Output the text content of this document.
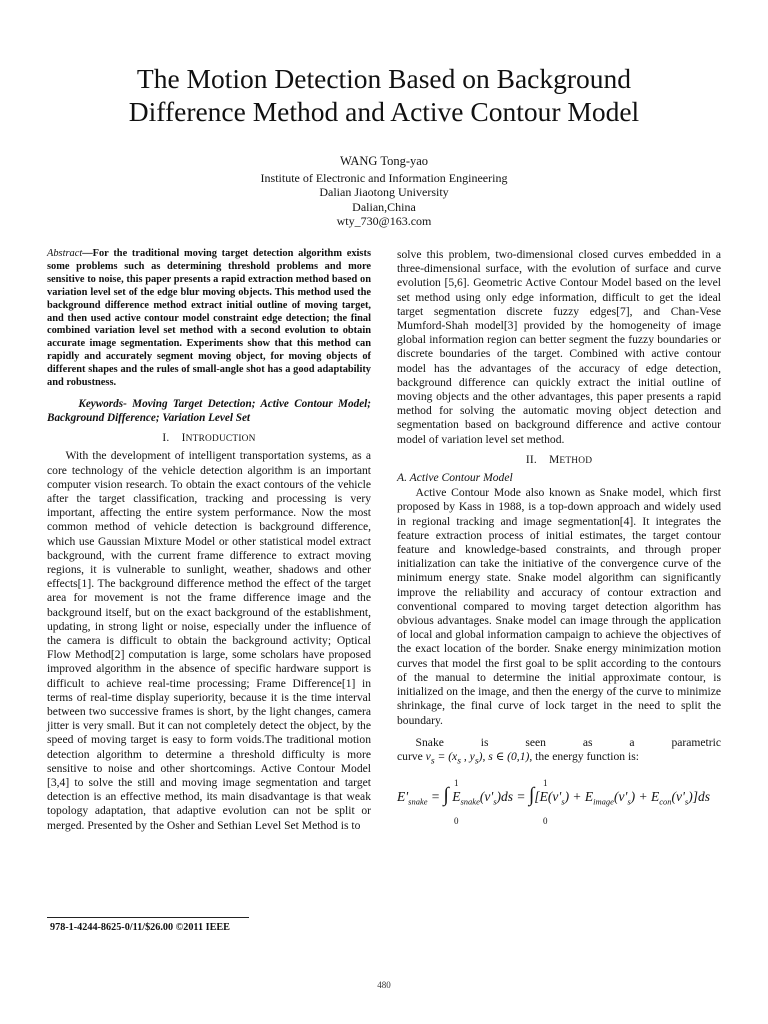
The Motion Detection Based on Background
Difference Method and Active Contour Model
WANG Tong-yao
Institute of Electronic and Information Engineering
Dalian Jiaotong University
Dalian,China
wty_730@163.com

Abstract—For the traditional moving target detection algorithm exists some problems such as determining threshold problems and more sensitive to noise, this paper presents a rapid extraction method based on variation level set of the edge blur moving objects. This method used the background difference method extract initial outline of moving target, and then used active contour model constraint edge detection; the final combined variation level set method with a second evolution to obtain accurate image segmentation. Experiments show that this method can rapidly and accurately segment moving object, for moving objects of different shapes and the rules of small-angle shot has a good adaptability and robustness.

Keywords- Moving Target Detection; Active Contour Model; Background Difference; Variation Level Set

I. INTRODUCTION

With the development of intelligent transportation systems, as a core technology of the vehicle detection algorithm is an important computer vision research. To obtain the exact contours of the vehicle after the target classification, tracking and processing is very important, affecting the entire system performance. Now the most common method of vehicle detection is background difference, which use Gaussian Mixture Model or other statistical model extract background, with the current frame difference to extract moving regions, it is vulnerable to sunlight, weather, shadows and other effects[1]. The background difference method the effect of the target area for movement is not the frame difference image and the background itself, but on the exact background of the establishment, updating, in strong light or noise, especially under the influence of the camera is difficult to obtain the background activity; Optical Flow Method[2] computation is large, some scholars have proposed improved algorithm in the absence of specific hardware support is difficult to achieve real-time processing; Frame Difference[1] in terms of real-time display superiority, because it is the time interval between two successive frames is short, by the light changes, camera jitter is very small. But it can not completely detect the object, by the speed of moving target is easy to form voids.The traditional motion detection algorithm to determine a threshold difficulty is more sensitive to noise and other shortcomings. Active Contour Model [3,4] to solve the still and moving image segmentation and target detection is an effective method, its main disadvantage is that weak topology adaptation, that adaptive evolution can not be split or merged. Presented by the Osher and Sethian Level Set Method is to

solve this problem, two-dimensional closed curves embedded in a three-dimensional surface, with the evolution of surface and curve evolution [5,6]. Geometric Active Contour Model based on the level set method using only edge information, difficult to get the ideal target segmentation discrete fuzzy edges[7], and Chan-Vese Mumford-Shah model[3] provided by the homogeneity of image global information region can better segment the fuzzy boundaries or discrete boundaries of the target. Combined with active contour model has the advantages of the accuracy of edge detection, background difference can quickly extract the initial outline of moving objects and the other advantages, this paper presents a rapid method for solving the automatic moving object detection and segmentation based on background difference and active contour model of variation level set method.

II. METHOD

A. Active Contour Model

Active Contour Mode also known as Snake model, which first proposed by Kass in 1988, is a top-down approach and widely used in regional tracking and image segmentation[4]. It integrates the feature extraction process of initial estimates, the target contour feature and knowledge-based constraints, and through proper initialization can take the initiative of the convergence curve of the minimum energy state. Snake model algorithm can significantly improve the reliability and accuracy of contour extraction and conventional compared to moving target detection algorithm has obvious advantages. Snake model can image through the application of local and global information campaign to achieve the objectives of the exact location of the border. Snake energy minimization motion curves that model the first goal to be split according to the contours of the manual to determine the initial approximate contour, is initialized on the image, and then the energy of the curve to minimize shrinkage, the final curve of lock target in the need to split the boundary.

Snake	is	seen	as	a	parametric

curve $v_s = (x_s$ , $y_s$), s ∈ (0,1), the energy function is:

1
0
1
0
$E'_{snake}$ = ∫ $E_{snake}(v'_s)ds = \int[E(v'_s) + E_{image}(v'_s) + E_{con}(v'_s)]ds$
978-1-4244-8625-0/11/$26.00 ©2011 IEEE
480
